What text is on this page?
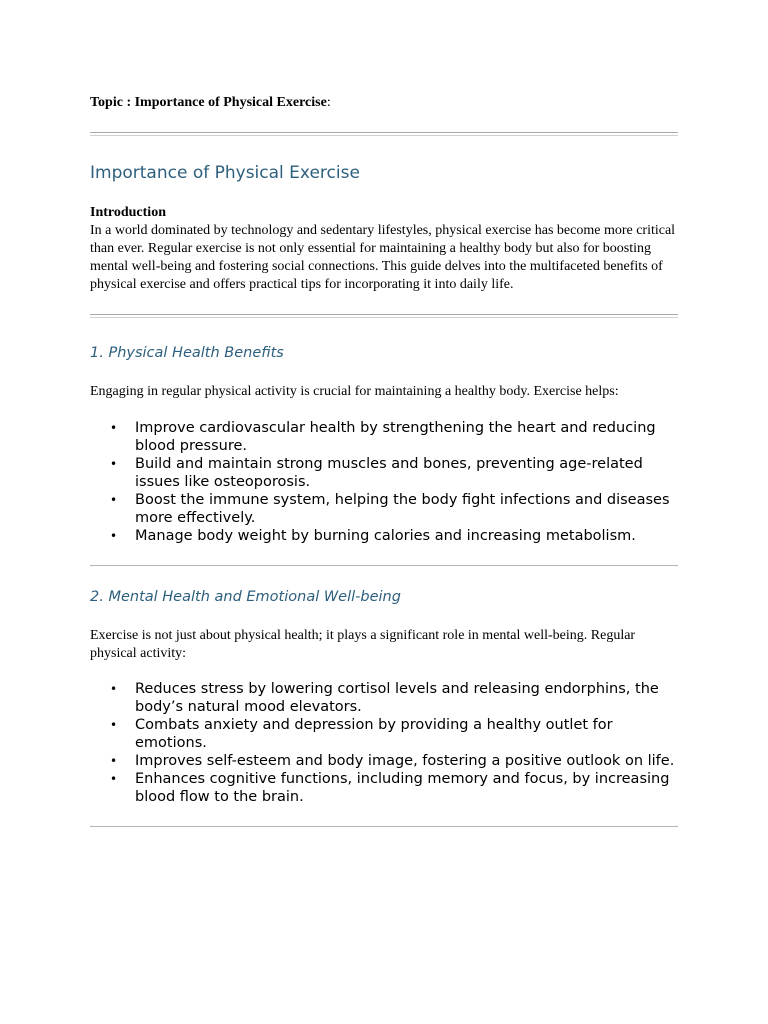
Topic : Importance of Physical Exercise:

Importance of Physical Exercise

Introduction

In a world dominated by technology and sedentary lifestyles, physical exercise has become more critical than ever. Regular exercise is not only essential for maintaining a healthy body but also for boosting mental well-being and fostering social connections. This guide delves into the multifaceted benefits of physical exercise and offers practical tips for incorporating it into daily life.

1. Physical Health Benefits

Engaging in regular physical activity is crucial for maintaining a healthy body. Exercise helps:

• Improve cardiovascular health by strengthening the heart and reducing blood pressure.
• Build and maintain strong muscles and bones, preventing age-related issues like osteoporosis.
• Boost the immune system, helping the body fight infections and diseases more effectively.
• Manage body weight by burning calories and increasing metabolism.
2. Mental Health and Emotional Well-being

Exercise is not just about physical health; it plays a significant role in mental well-being. Regular physical activity:

• Reduces stress by lowering cortisol levels and releasing endorphins, the body’s natural mood elevators.
• Combats anxiety and depression by providing a healthy outlet for emotions.
• Improves self-esteem and body image, fostering a positive outlook on life.
• Enhances cognitive functions, including memory and focus, by increasing blood flow to the brain.
